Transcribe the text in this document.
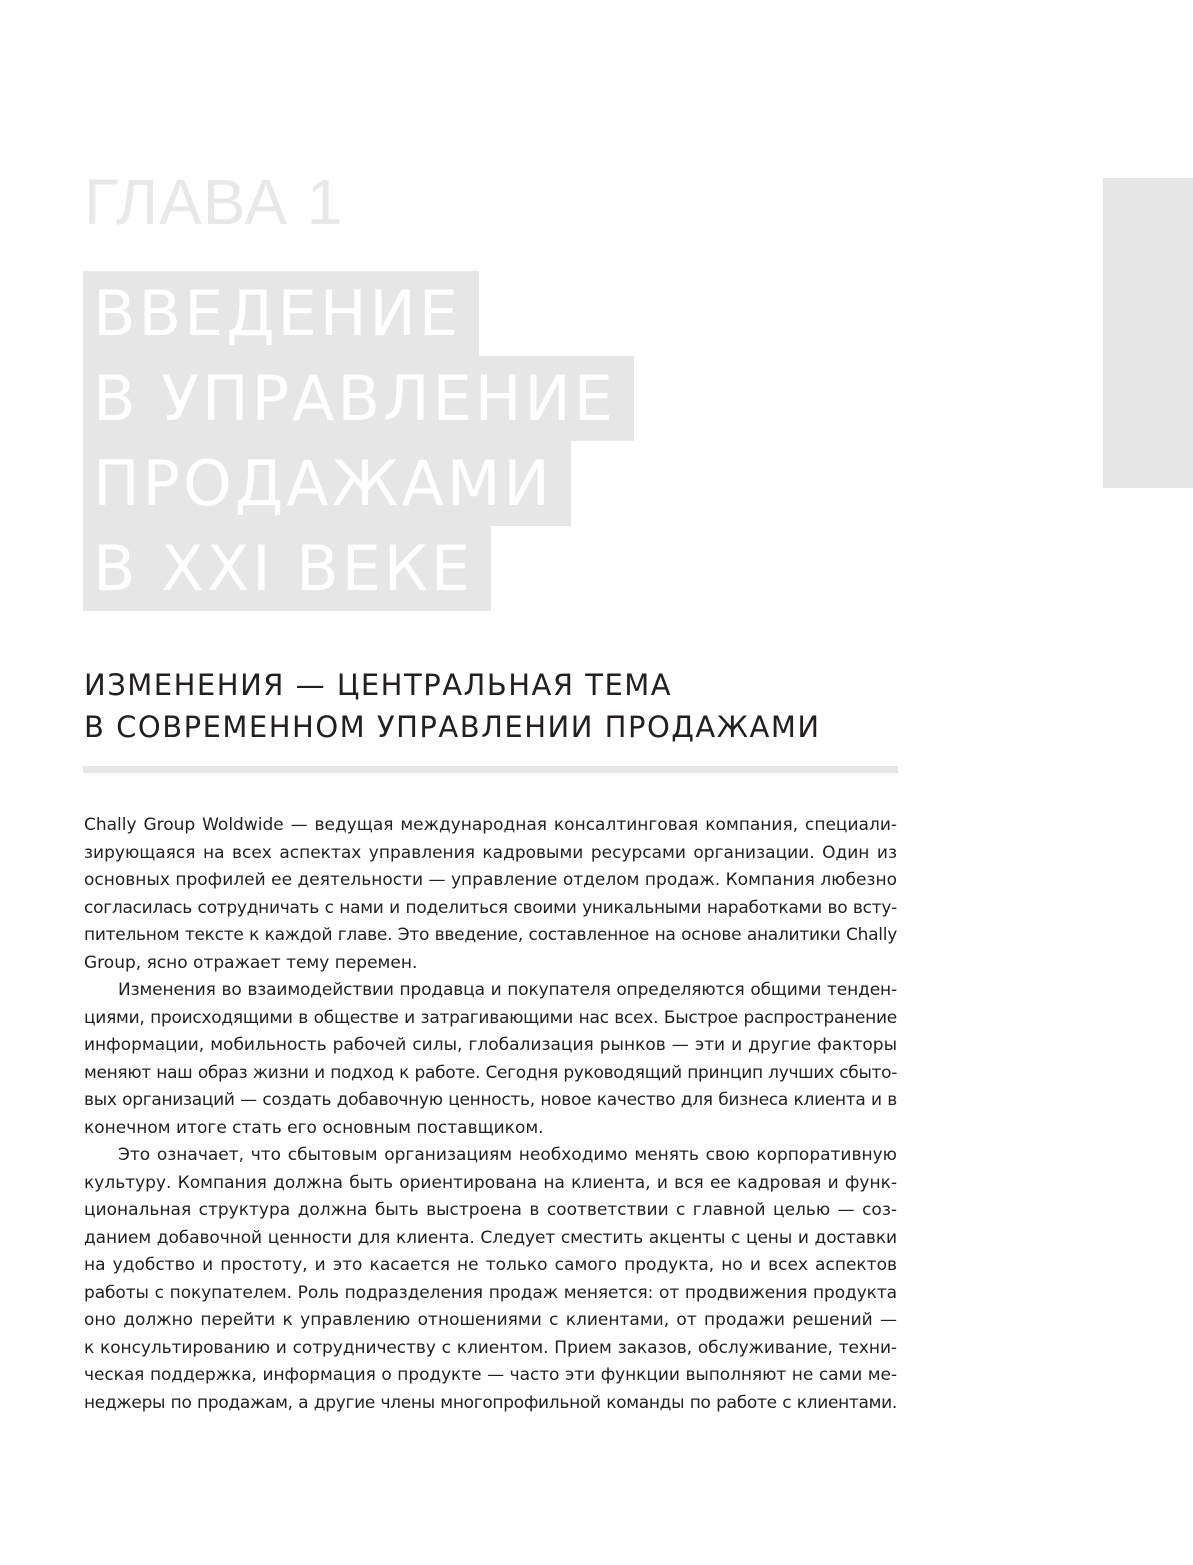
ГЛАВА 1
ВВЕДЕНИЕ
В УПРАВЛЕНИЕ
ПРОДАЖАМИ
В XXI ВЕКЕ
ИЗМЕНЕНИЯ — ЦЕНТРАЛЬНАЯ ТЕМА
В СОВРЕМЕННОМ УПРАВЛЕНИИ ПРОДАЖАМИ
Chally Group Woldwide — ведущая международная консалтинговая компания, специали-
зирующаяся на всех аспектах управления кадровыми ресурсами организации. Один из
основных профилей ее деятельности — управление отделом продаж. Компания любезно
согласилась сотрудничать с нами и поделиться своими уникальными наработками во всту-
пительном тексте к каждой главе. Это введение, составленное на основе аналитики Chally
Group, ясно отражает тему перемен.
Изменения во взаимодействии продавца и покупателя определяются общими тенден-
циями, происходящими в обществе и затрагивающими нас всех. Быстрое распространение
информации, мобильность рабочей силы, глобализация рынков — эти и другие факторы
меняют наш образ жизни и подход к работе. Сегодня руководящий принцип лучших сбыто-
вых организаций — создать добавочную ценность, новое качество для бизнеса клиента и в
конечном итоге стать его основным поставщиком.
Это означает, что сбытовым организациям необходимо менять свою корпоративную
культуру. Компания должна быть ориентирована на клиента, и вся ее кадровая и функ-
циональная структура должна быть выстроена в соответствии с главной целью — соз-
данием добавочной ценности для клиента. Следует сместить акценты с цены и доставки
на удобство и простоту, и это касается не только самого продукта, но и всех аспектов
работы с покупателем. Роль подразделения продаж меняется: от продвижения продукта
оно должно перейти к управлению отношениями с клиентами, от продажи решений —
к консультированию и сотрудничеству с клиентом. Прием заказов, обслуживание, техни-
ческая поддержка, информация о продукте — часто эти функции выполняют не сами ме-
неджеры по продажам, а другие члены многопрофильной команды по работе с клиентами.
